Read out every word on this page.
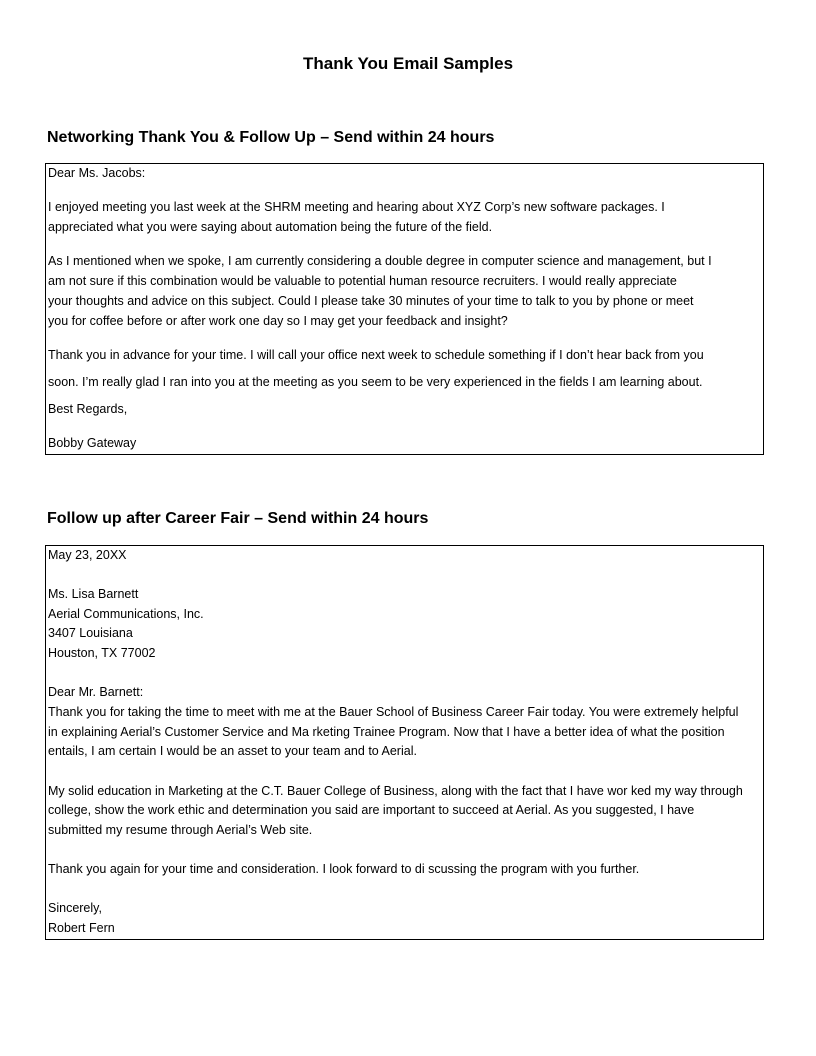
Thank You Email Samples
Networking Thank You & Follow Up – Send within 24 hours
Dear Ms. Jacobs:
I enjoyed meeting you last week at the SHRM meeting and hearing about XYZ Corp’s new software packages. I
appreciated what you were saying about automation being the future of the field.
As I mentioned when we spoke, I am currently considering a double degree in computer science and management, but I
am not sure if this combination would be valuable to potential human resource recruiters. I would really appreciate
your thoughts and advice on this subject. Could I please take 30 minutes of your time to talk to you by phone or meet
you for coffee before or after work one day so I may get your feedback and insight?
Thank you in advance for your time. I will call your office next week to schedule something if I don’t hear back from you
soon. I’m really glad I ran into you at the meeting as you seem to be very experienced in the fields I am learning about.
Best Regards,
Bobby Gateway
Follow up after Career Fair – Send within 24 hours
May 23, 20XX
Ms. Lisa Barnett
Aerial Communications, Inc.
3407 Louisiana
Houston, TX 77002
Dear Mr. Barnett:
Thank you for taking the time to meet with me at the Bauer School of Business Career Fair today. You were extremely helpful
in explaining Aerial’s Customer Service and Ma rketing Trainee Program. Now that I have a better idea of what the position
entails, I am certain I would be an asset to your team and to Aerial.
My solid education in Marketing at the C.T. Bauer College of Business, along with the fact that I have wor ked my way through
college, show the work ethic and determination you said are important to succeed at Aerial. As you suggested, I have
submitted my resume through Aerial’s Web site.
Thank you again for your time and consideration. I look forward to di scussing the program with you further.
Sincerely,
Robert Fern
